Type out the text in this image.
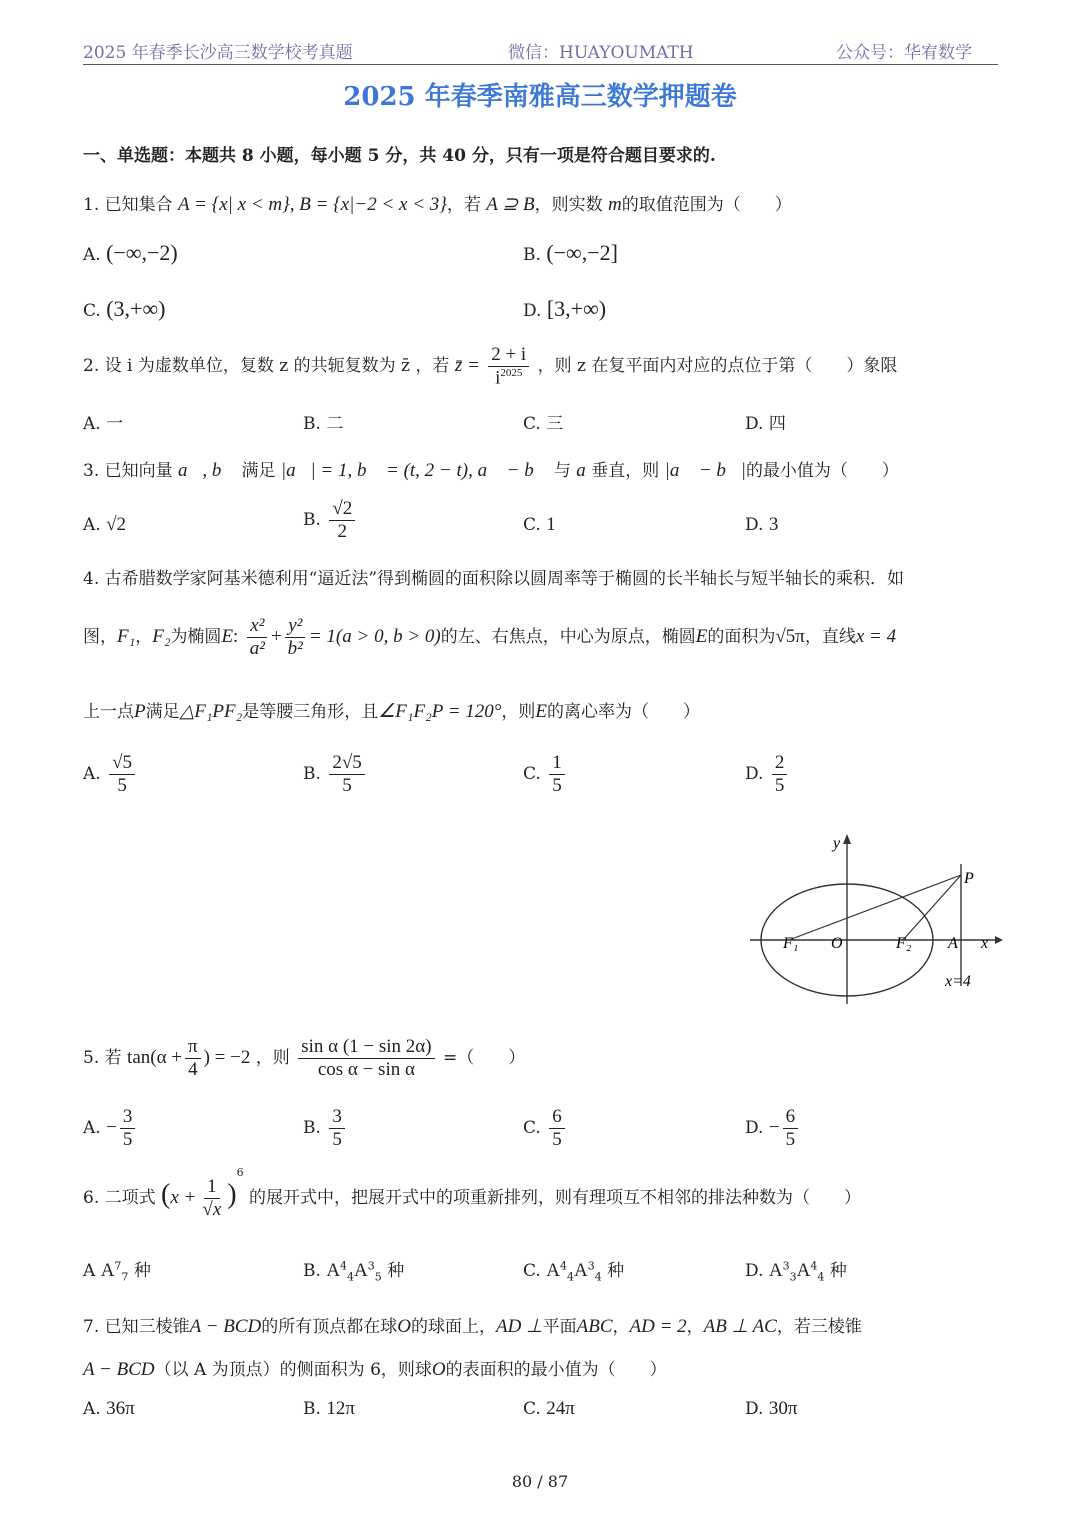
2025 年春季长沙高三数学校考真题	微信：HUAYOUMATH	公众号：华宥数学
2025 年春季南雅高三数学押题卷
一、单选题：本题共 8 小题，每小题 5 分，共 40 分，只有一项是符合题目要求的.
1. 已知集合 A = {x| x < m}, B = {x|−2 < x < 3}，若 A ⊇ B，则实数 m的取值范围为（　　）
A. (−∞,−2)	B. (−∞,−2]
C. (3,+∞)	D. [3,+∞)
2. 设 i 为虚数单位，复数 z 的共轭复数为 z̄ ，若 z̄ = $\frac{2 + i}{i^{2025}}$ ，则 z 在复平面内对应的点位于第（　　）象限
A. 一	B. 二	C. 三	D. 四
3. 已知向量 a⃗, b⃗ 满足 |a⃗| = 1, b⃗ = (t, 2 − t), a⃗ − b⃗ 与 a 垂直，则 |a⃗ − b⃗|的最小值为（　　）
A. √2	B. $\frac{√2}{2}$	C. 1	D. 3
4. 古希腊数学家阿基米德利用“逼近法”得到椭圆的面积除以圆周率等于椭圆的长半轴长与短半轴长的乘积．如
图，F₁，F₂为椭圆E: $\frac{\text{x²}}{\text{a²}} + \frac{\text{y²}}{\text{b²}} = 1(a > 0$, b > 0)的左、右焦点，中心为原点，椭圆E的面积为√5π，直线x = 4
上一点P满足△F₁PF₂是等腰三角形，且∠F₁F₂P = 120°，则E的离心率为（　　）
A. $\frac{√5}{5}$	B. $\frac{2√5}{5}$	C. $\frac{1}{5}$	D. $\frac{2}{5}$
y
P
F₁ O	F₂ A x
x=4
5. 若 $\tan(\alpha + \frac{\pi}{4}$ ) = −2 ，则 $\frac{\text{sin α (1 − sin 2α)}}{\text{cos α − sin α}}$ =（　　）
A. − $\frac{3}{5}$	B. $\frac{3}{5}$	C. $\frac{6}{5}$	D. − $\frac{6}{5}$
6. 二项式 $(x + \frac{1}{√x} )^6$ 的展开式中，把展开式中的项重新排列，则有理项互不相邻的排法种数为（　　）
A $A^7_7$ 种	B. $A^4_4A^3_5$ 种	C. $A^4_4A^3_4$ 种	D. $A^3_3A^4_4$ 种
7. 已知三棱锥A − BCD的所有顶点都在球O的球面上，AD ⊥平面ABC，AD = 2，AB ⊥ AC，若三棱锥
A − BCD（以 A 为顶点）的侧面积为 6，则球O的表面积的最小值为（　　）
A. 36π	B. 12π	C. 24π	D. 30π
80 / 87
